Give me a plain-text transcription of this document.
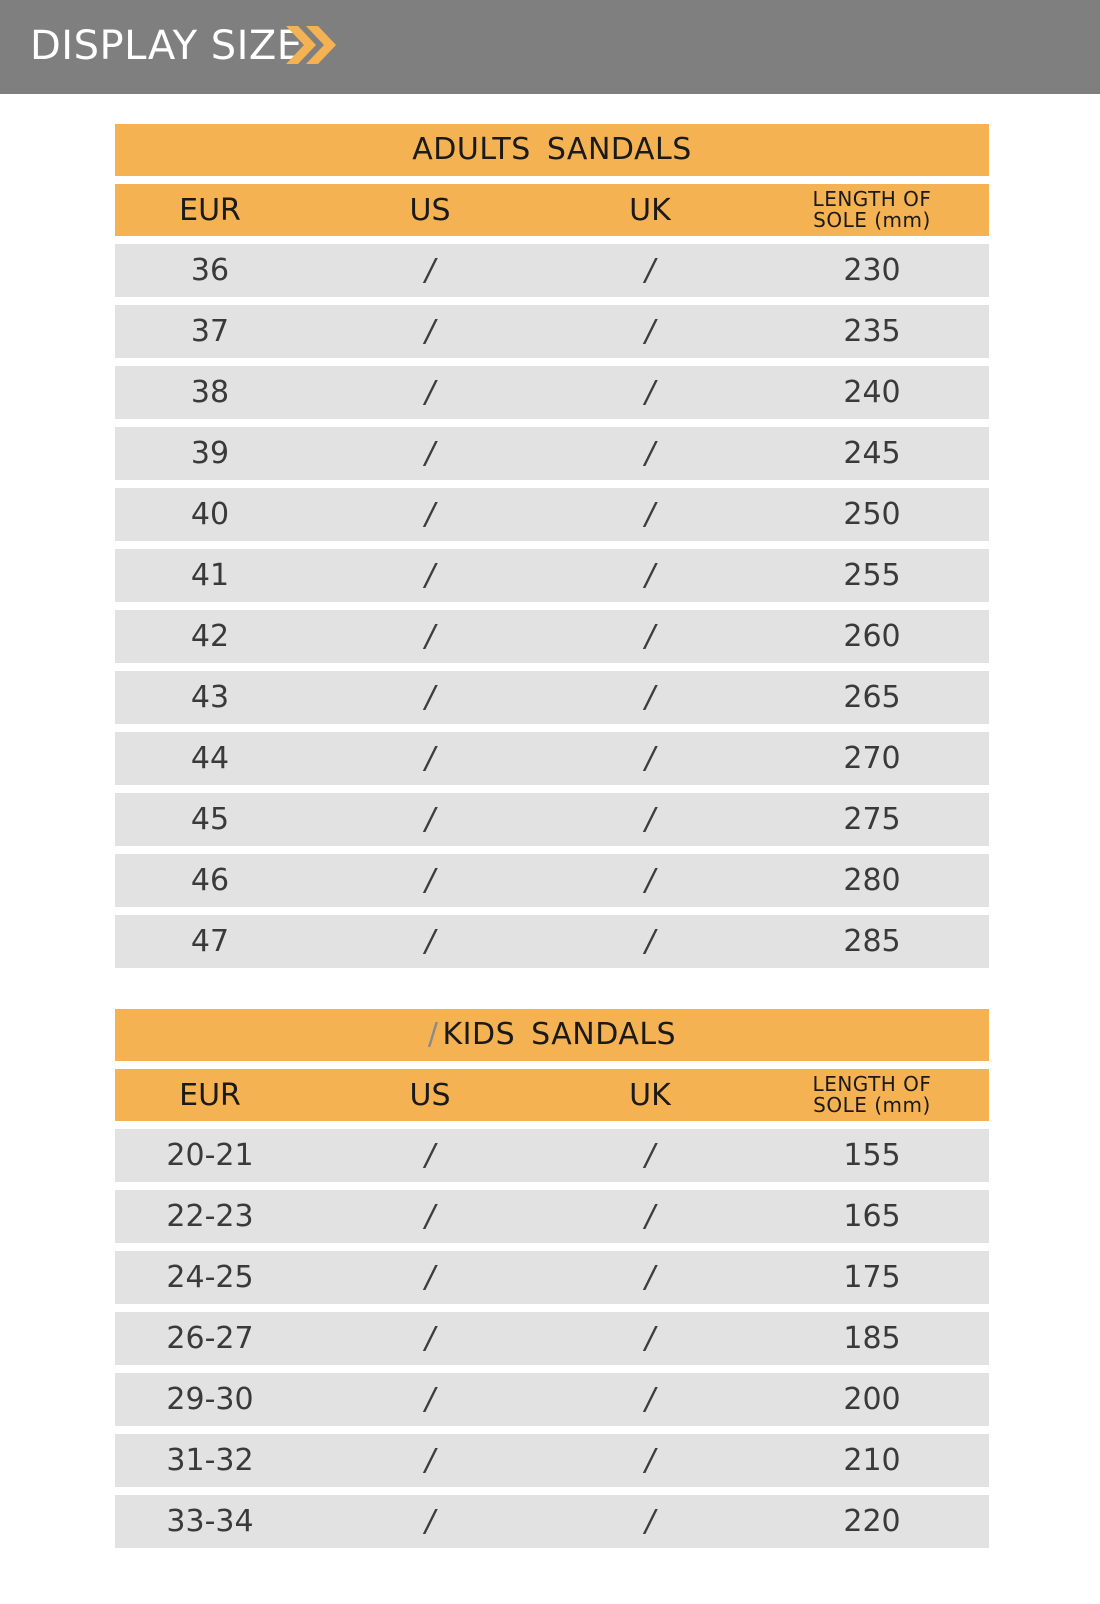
DISPLAY SIZE
ADULTS SANDALS
EUR	US	UK	LENGTH OF
SOLE (mm)
36	/	/	230
37	/	/	235
38	/	/	240
39	/	/	245
40	/	/	250
41	/	/	255
42	/	/	260
43	/	/	265
44	/	/	270
45	/	/	275
46	/	/	280
47	/	/	285
/ KIDS SANDALS
EUR	US	UK	LENGTH OF
SOLE (mm)
20-21	/	/	155
22-23	/	/	165
24-25	/	/	175
26-27	/	/	185
29-30	/	/	200
31-32	/	/	210
33-34	/	/	220
